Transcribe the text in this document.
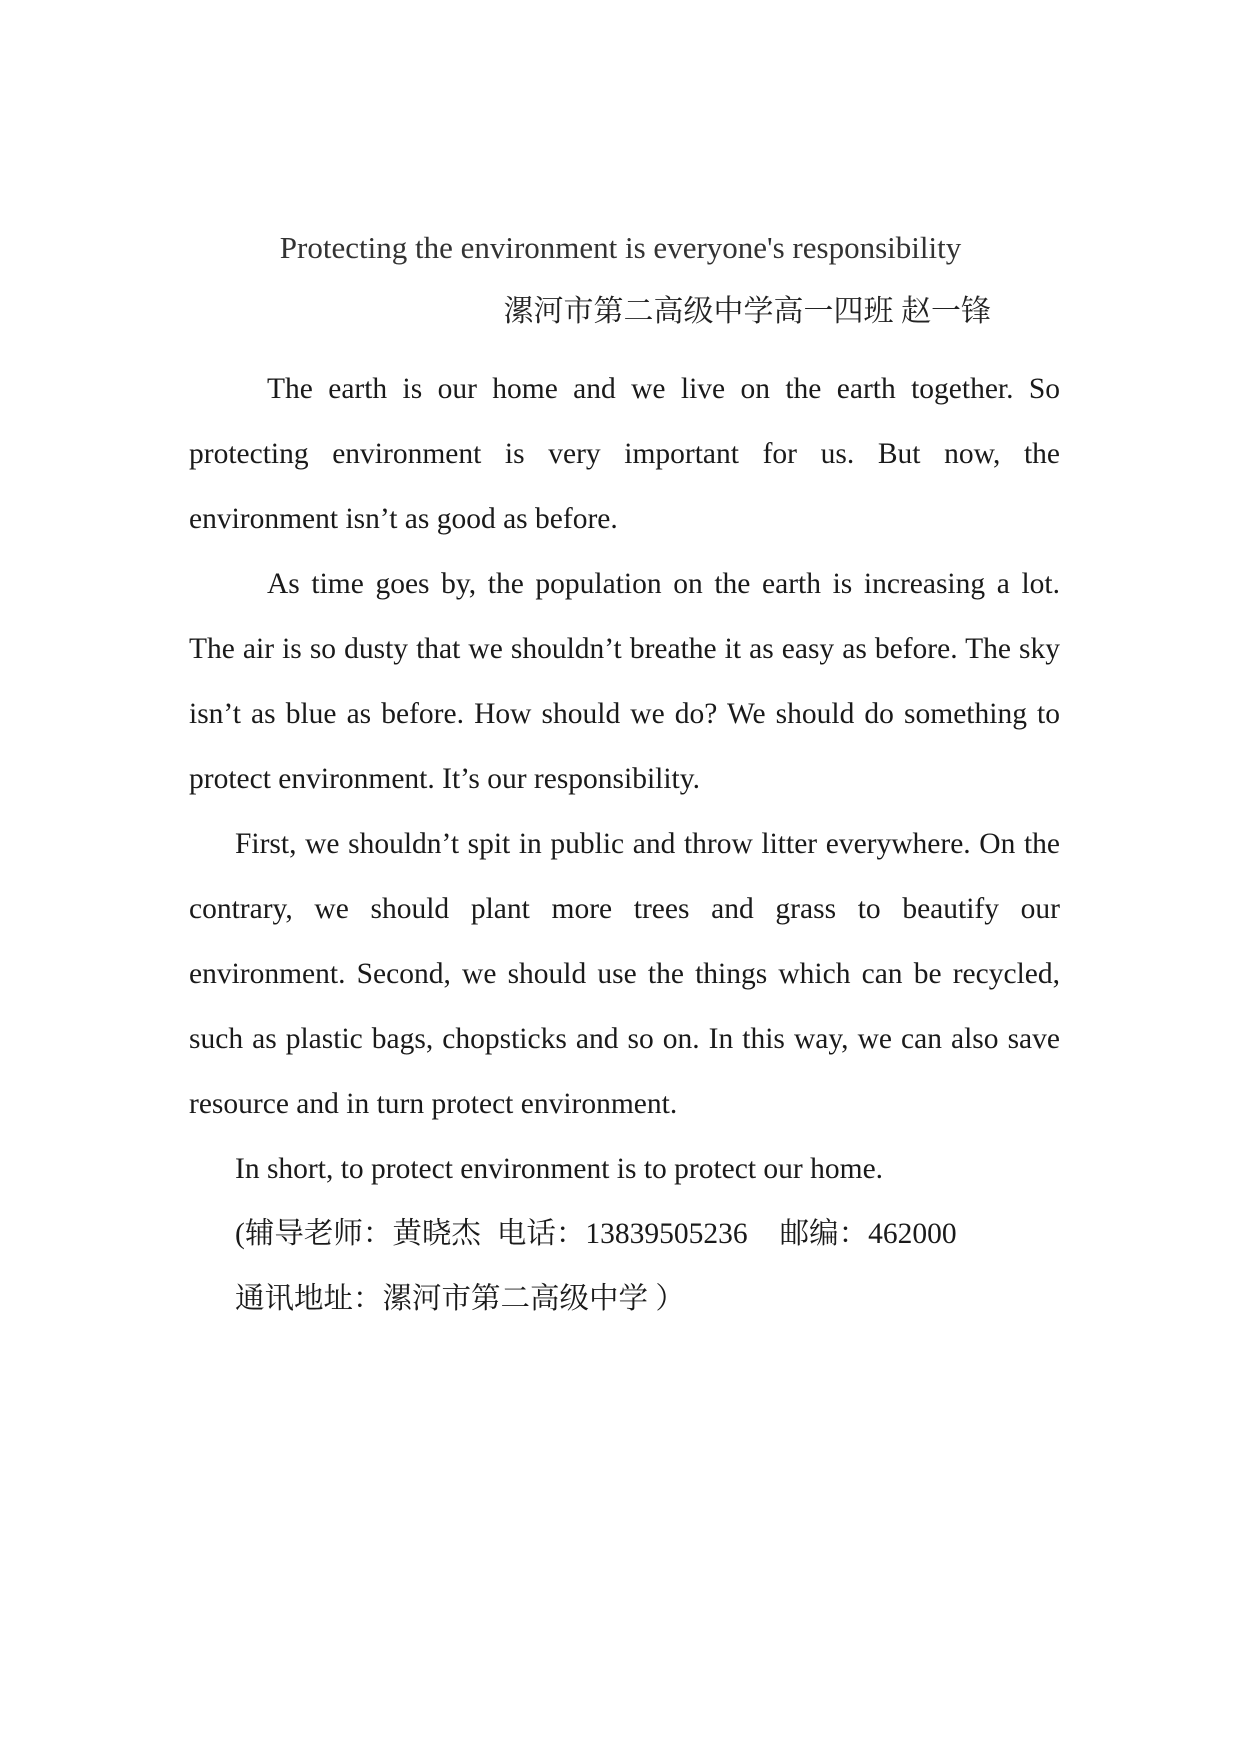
Protecting the environment is everyone's responsibility
漯河市第二高级中学高一四班 赵一锋

The earth is our home and we live on the earth together. So protecting environment is very important for us. But now, the environment isn’t as good as before.

As time goes by, the population on the earth is increasing a lot. The air is so dusty that we shouldn’t breathe it as easy as before. The sky isn’t as blue as before. How should we do? We should do something to protect environment. It’s our responsibility.

First, we shouldn’t spit in public and throw litter everywhere. On the contrary, we should plant more trees and grass to beautify our environment. Second, we should use the things which can be recycled, such as plastic bags, chopsticks and so on. In this way, we can also save resource and in turn protect environment.

In short, to protect environment is to protect our home.

(辅导老师：黄晓杰 电话：13839505236 邮编：462000

通讯地址：漯河市第二高级中学 ）
